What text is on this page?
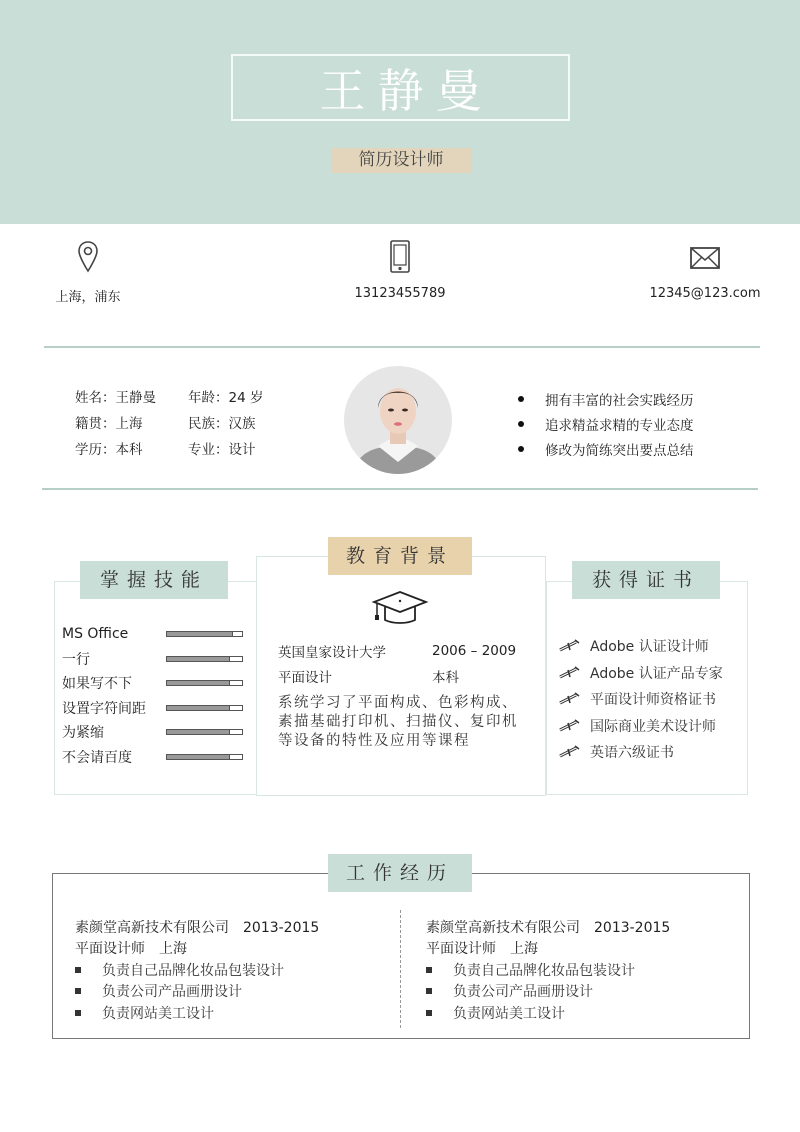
王静曼
简历设计师
上海，浦东	13123455789	12345@123.com
姓名：王静曼	年龄：24 岁
籍贯：上海	民族：汉族
学历：本科	专业：设计
拥有丰富的社会实践经历
追求精益求精的专业态度
修改为简练突出要点总结
掌握技能
MS Office
一行
如果写不下
设置字符间距
为紧缩
不会请百度
教育背景
英国皇家设计大学	2006 – 2009
平面设计	本科
系统学习了平面构成、色彩构成、素描基础打印机、扫描仪、复印机等设备的特性及应用等课程
获得证书
Adobe 认证设计师
Adobe 认证产品专家
平面设计师资格证书
国际商业美术设计师
英语六级证书
工作经历
素颜堂高新技术有限公司　2013-2015
平面设计师　上海
负责自己品牌化妆品包装设计
负责公司产品画册设计
负责网站美工设计
素颜堂高新技术有限公司　2013-2015
平面设计师　上海
负责自己品牌化妆品包装设计
负责公司产品画册设计
负责网站美工设计
